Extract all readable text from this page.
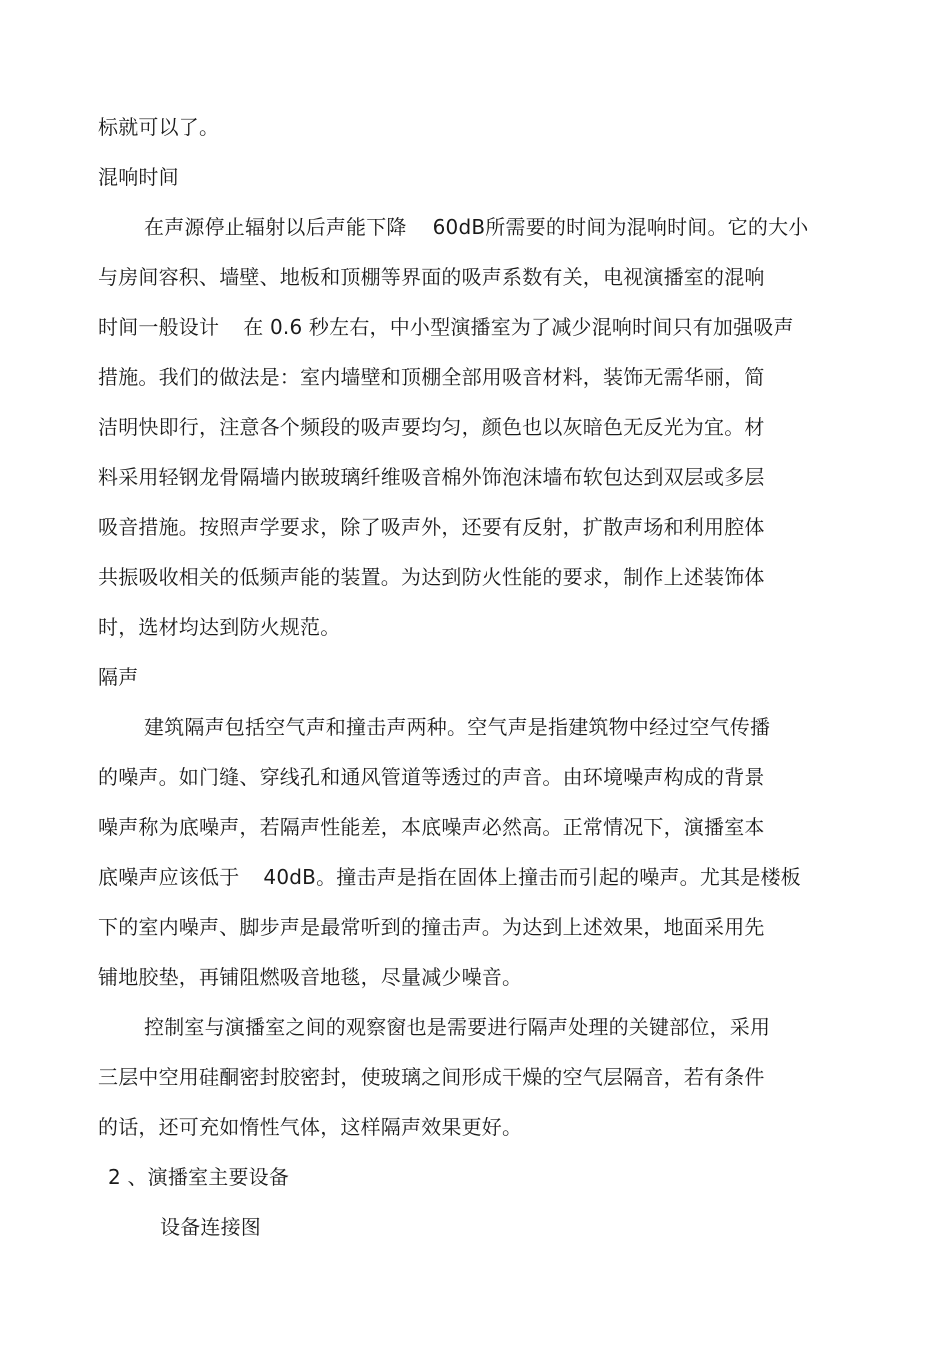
标就可以了。
混响时间
在声源停止辐射以后声能下降 60dB所需要的时间为混响时间。它的大小
与房间容积、墙壁、地板和顶棚等界面的吸声系数有关，电视演播室的混响
时间一般设计 在 0.6 秒左右，中小型演播室为了减少混响时间只有加强吸声
措施。我们的做法是：室内墙壁和顶棚全部用吸音材料，装饰无需华丽，简
洁明快即行，注意各个频段的吸声要均匀，颜色也以灰暗色无反光为宜。材
料采用轻钢龙骨隔墙内嵌玻璃纤维吸音棉外饰泡沫墙布软包达到双层或多层
吸音措施。按照声学要求，除了吸声外，还要有反射，扩散声场和利用腔体
共振吸收相关的低频声能的装置。为达到防火性能的要求，制作上述装饰体
时，选材均达到防火规范。
隔声
建筑隔声包括空气声和撞击声两种。空气声是指建筑物中经过空气传播
的噪声。如门缝、穿线孔和通风管道等透过的声音。由环境噪声构成的背景
噪声称为底噪声，若隔声性能差，本底噪声必然高。正常情况下，演播室本
底噪声应该低于 40dB。撞击声是指在固体上撞击而引起的噪声。尤其是楼板
下的室内噪声、脚步声是最常听到的撞击声。为达到上述效果，地面采用先
铺地胶垫，再铺阻燃吸音地毯，尽量减少噪音。
控制室与演播室之间的观察窗也是需要进行隔声处理的关键部位，采用
三层中空用硅酮密封胶密封，使玻璃之间形成干燥的空气层隔音，若有条件
的话，还可充如惰性气体，这样隔声效果更好。
2 、演播室主要设备
设备连接图
